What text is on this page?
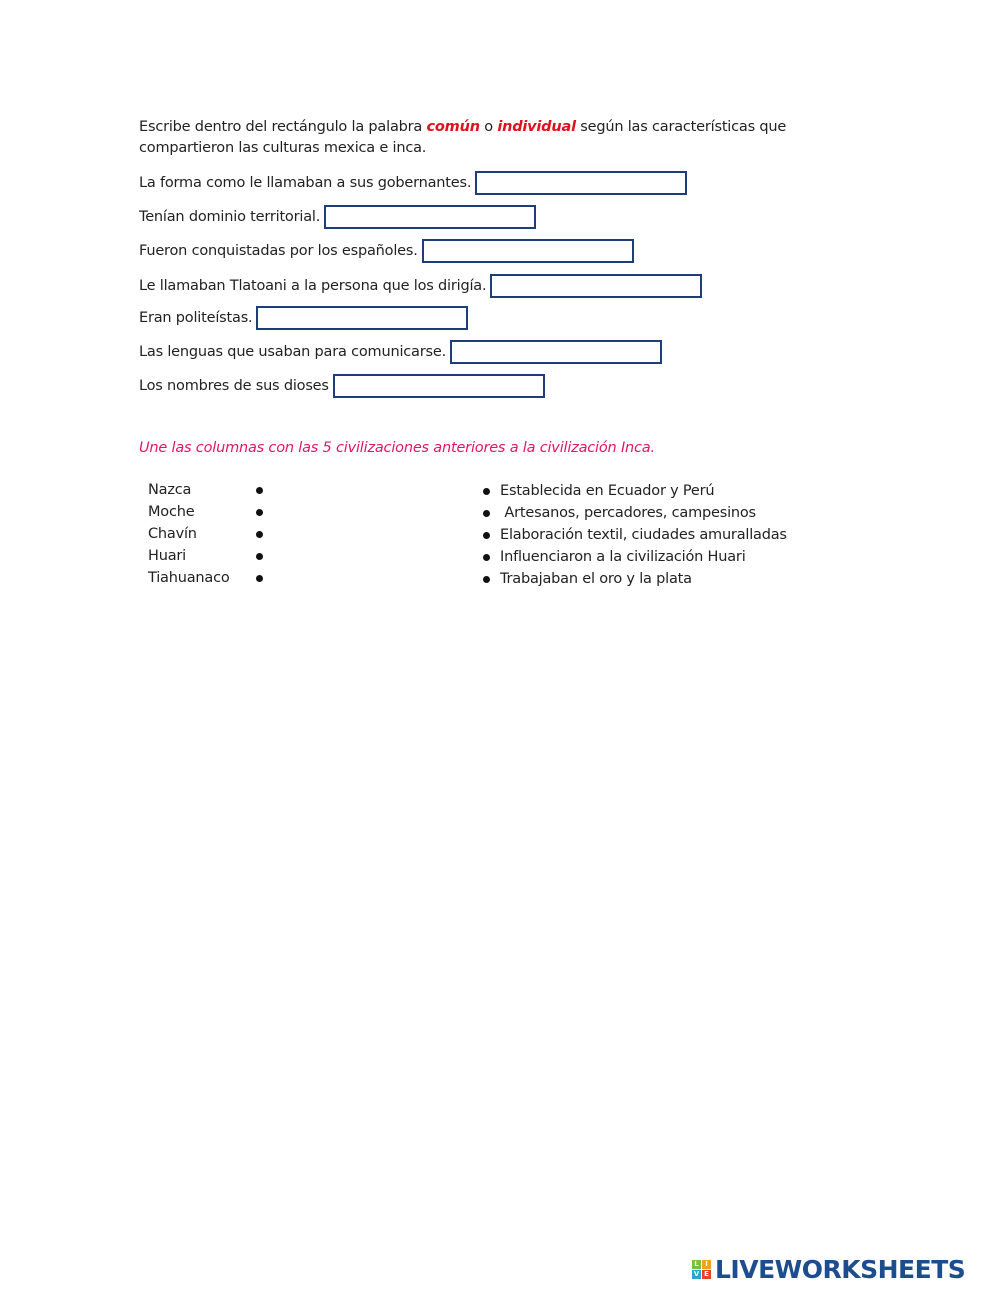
Escribe dentro del rectángulo la palabra común o individual según las características que compartieron las culturas mexica e inca.
La forma como le llamaban a sus gobernantes.
Tenían dominio territorial.
Fueron conquistadas por los españoles.
Le llamaban Tlatoani a la persona que los dirigía.
Eran politeístas.
Las lenguas que usaban para comunicarse.
Los nombres de sus dioses
Une las columnas con las 5 civilizaciones anteriores a la civilización Inca.
Nazca
Moche
Chavín
Huari
Tiahuanaco
Establecida en Ecuador y Perú
Artesanos, percadores, campesinos
Elaboración textil, ciudades amuralladas
Influenciaron a la civilización Huari
Trabajaban el oro y la plata
L I
V E LIVEWORKSHEETS
